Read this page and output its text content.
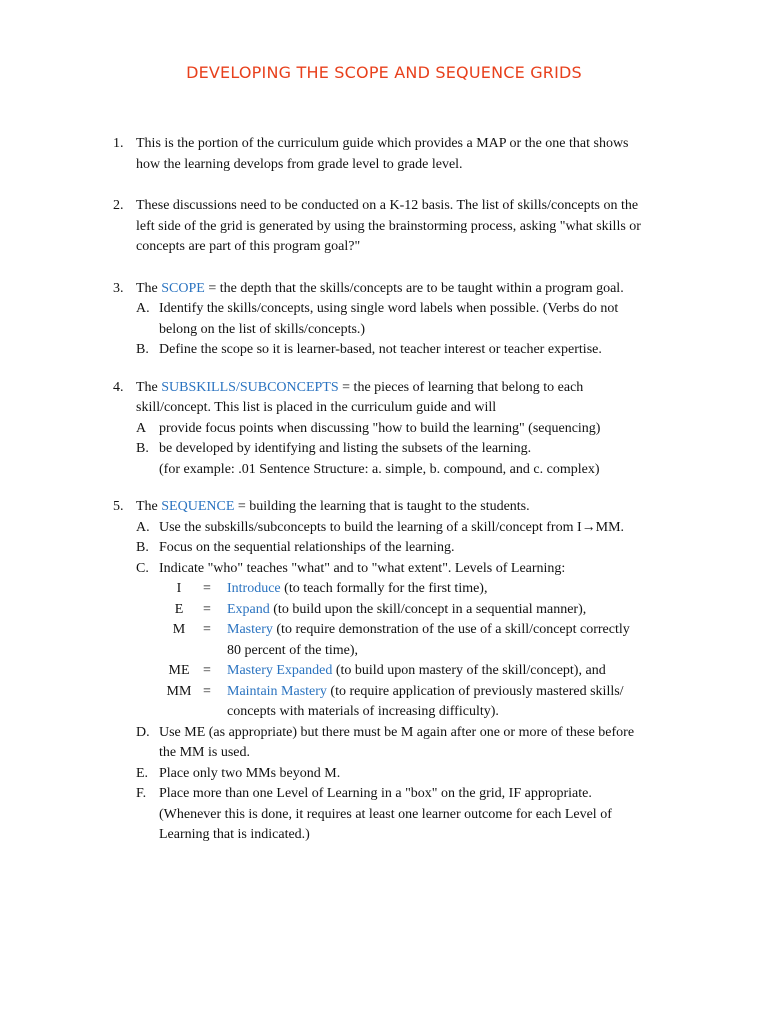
DEVELOPING THE SCOPE AND SEQUENCE GRIDS
1. This is the portion of the curriculum guide which provides a MAP or the one that shows how the learning develops from grade level to grade level.
2. These discussions need to be conducted on a K-12 basis. The list of skills/concepts on the left side of the grid is generated by using the brainstorming process, asking "what skills or concepts are part of this program goal?"
3. The SCOPE = the depth that the skills/concepts are to be taught within a program goal.
A. Identify the skills/concepts, using single word labels when possible. (Verbs do not belong on the list of skills/concepts.)
B. Define the scope so it is learner-based, not teacher interest or teacher expertise.
4. The SUBSKILLS/SUBCONCEPTS = the pieces of learning that belong to each skill/concept. This list is placed in the curriculum guide and will
A provide focus points when discussing "how to build the learning" (sequencing)
B. be developed by identifying and listing the subsets of the learning.
(for example: .01 Sentence Structure: a. simple, b. compound, and c. complex)
5. The SEQUENCE = building the learning that is taught to the students.
A. Use the subskills/subconcepts to build the learning of a skill/concept from I→MM.
B. Focus on the sequential relationships of the learning.
C. Indicate "who" teaches "what" and to "what extent". Levels of Learning:
I	= Introduce (to teach formally for the first time),
E	= Expand (to build upon the skill/concept in a sequential manner),
M	= Mastery (to require demonstration of the use of a skill/concept correctly
80 percent of the time),
ME = Mastery Expanded (to build upon mastery of the skill/concept), and
MM = Maintain Mastery (to require application of previously mastered skills/
concepts with materials of increasing difficulty).
D. Use ME (as appropriate) but there must be M again after one or more of these before the MM is used.
E. Place only two MMs beyond M.
F. Place more than one Level of Learning in a "box" on the grid, IF appropriate. (Whenever this is done, it requires at least one learner outcome for each Level of Learning that is indicated.)
